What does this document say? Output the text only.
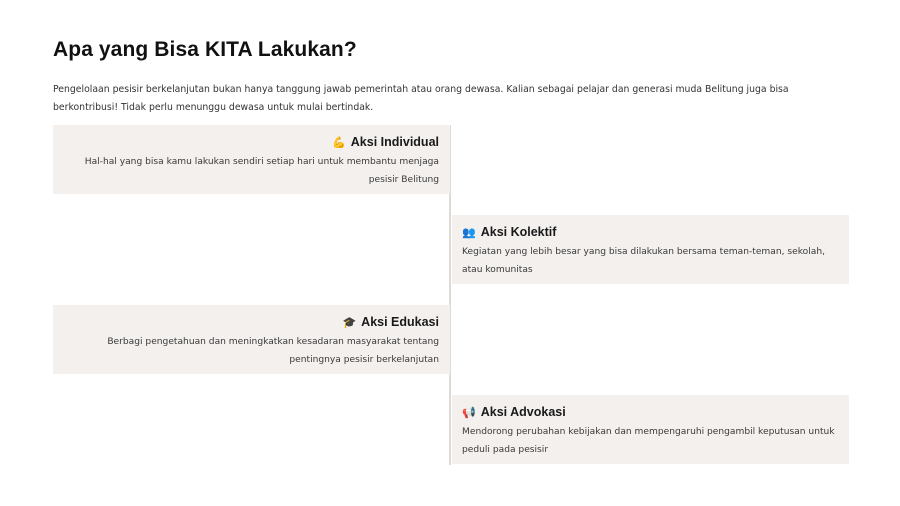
Apa yang Bisa KITA Lakukan?

Pengelolaan pesisir berkelanjutan bukan hanya tanggung jawab pemerintah atau orang dewasa. Kalian sebagai pelajar dan generasi muda Belitung juga bisa berkontribusi! Tidak perlu menunggu dewasa untuk mulai bertindak.

💪 Aksi Individual

Hal-hal yang bisa kamu lakukan sendiri setiap hari untuk membantu menjaga pesisir Belitung

👥 Aksi Kolektif

Kegiatan yang lebih besar yang bisa dilakukan bersama teman-teman, sekolah, atau komunitas

🎓 Aksi Edukasi

Berbagi pengetahuan dan meningkatkan kesadaran masyarakat tentang pentingnya pesisir berkelanjutan

📢 Aksi Advokasi

Mendorong perubahan kebijakan dan mempengaruhi pengambil keputusan untuk peduli pada pesisir
